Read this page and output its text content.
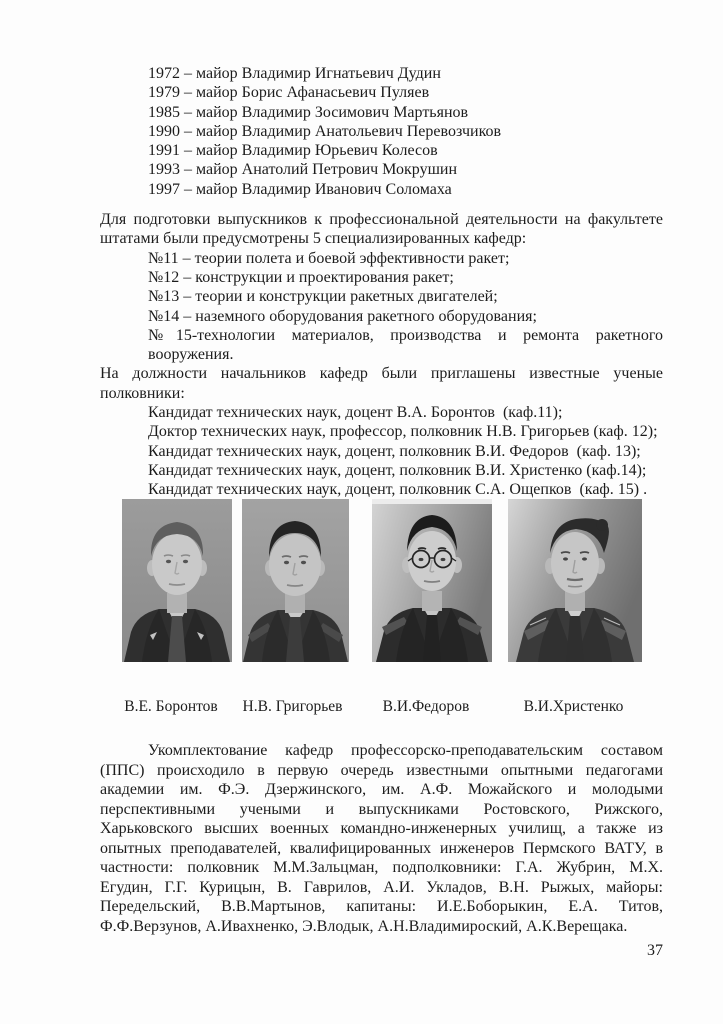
1972 – майор Владимир Игнатьевич Дудин
1979 – майор Борис Афанасьевич Пуляев
1985 – майор Владимир Зосимович Мартьянов
1990 – майор Владимир Анатольевич Перевозчиков
1991 – майор Владимир Юрьевич Колесов
1993 – майор Анатолий Петрович Мокрушин
1997 – майор Владимир Иванович Соломаха
Для подготовки выпускников к профессиональной деятельности на факультете
штатами были предусмотрены 5 специализированных кафедр:
№11 – теории полета и боевой эффективности ракет;
№12 – конструкции и проектирования ракет;
№13 – теории и конструкции ракетных двигателей;
№14 – наземного оборудования ракетного оборудования;
№15-технологии материалов, производства и ремонта ракетного
вооружения.
На должности начальников кафедр были приглашены известные ученые
полковники:
Кандидат технических наук, доцент В.А. Боронтов  (каф.11);
Доктор технических наук, профессор, полковник Н.В. Григорьев (каф. 12);
Кандидат технических наук, доцент, полковник В.И. Федоров  (каф. 13);
Кандидат технических наук, доцент, полковник В.И. Христенко (каф.14);
Кандидат технических наук, доцент, полковник С.А. Ощепков  (каф. 15) .
В.Е. Боронтов	Н.В. Григорьев	В.И.Федоров	В.И.Христенко
Укомплектование кафедр профессорско-преподавательским составом
(ППС) происходило в первую очередь известными опытными педагогами
академии им. Ф.Э. Дзержинского, им. А.Ф. Можайского и молодыми
перспективными учеными и выпускниками Ростовского, Рижского,
Харьковского высших военных командно-инженерных училищ, а также из
опытных преподавателей, квалифицированных инженеров Пермского ВАТУ, в
частности: полковник М.М.Зальцман, подполковники: Г.А. Жубрин, М.Х.
Егудин, Г.Г. Курицын, В. Гаврилов, А.И. Укладов, В.Н. Рыжых, майоры:
Передельский, В.В.Мартынов, капитаны: И.Е.Боборыкин, Е.А. Титов,
Ф.Ф.Верзунов, А.Ивахненко, Э.Влодык, А.Н.Владимироский, А.К.Верещака.
37
